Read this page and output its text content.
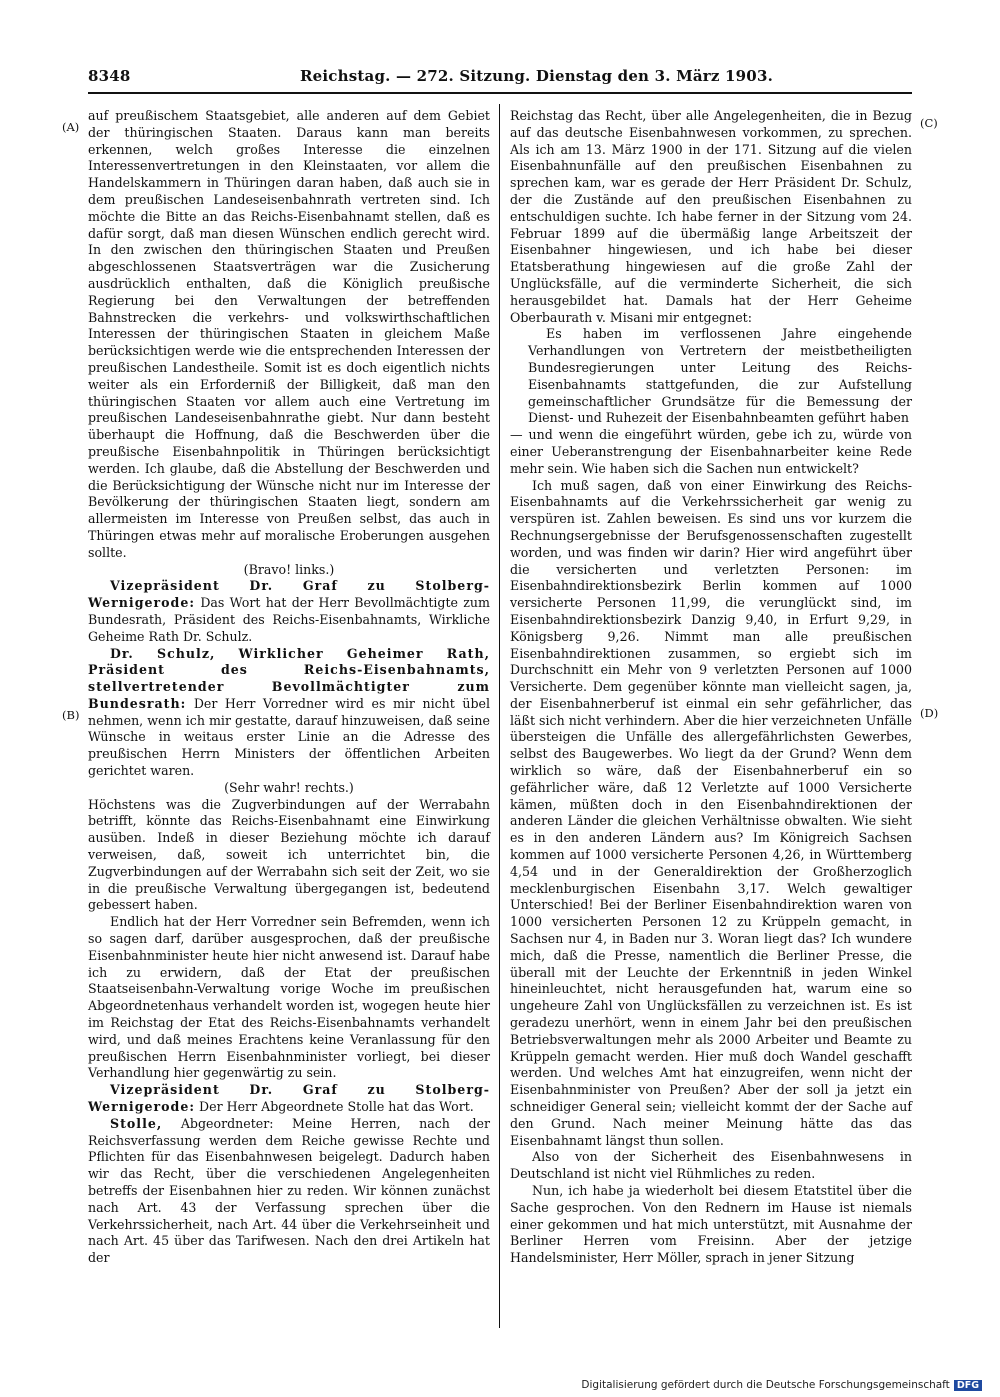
8348	Reichstag. — 272. Sitzung. Dienstag den 3. März 1903.
(A)
(B)
(C)
(D)

auf preußischem Staatsgebiet, alle anderen auf dem Gebiet der thüringischen Staaten. Daraus kann man bereits erkennen, welch großes Interesse die einzelnen Interessenvertretungen in den Kleinstaaten, vor allem die Handelskammern in Thüringen daran haben, daß auch sie in dem preußischen Landeseisenbahnrath vertreten sind. Ich möchte die Bitte an das Reichs-Eisenbahnamt stellen, daß es dafür sorgt, daß man diesen Wünschen endlich gerecht wird. In den zwischen den thüringischen Staaten und Preußen abgeschlossenen Staatsverträgen war die Zusicherung ausdrücklich enthalten, daß die Königlich preußische Regierung bei den Verwaltungen der betreffenden Bahnstrecken die verkehrs- und volkswirthschaftlichen Interessen der thüringischen Staaten in gleichem Maße berücksichtigen werde wie die entsprechenden Interessen der preußischen Landestheile. Somit ist es doch eigentlich nichts weiter als ein Erforderniß der Billigkeit, daß man den thüringischen Staaten vor allem auch eine Vertretung im preußischen Landeseisenbahnrathe giebt. Nur dann besteht überhaupt die Hoffnung, daß die Beschwerden über die preußische Eisenbahnpolitik in Thüringen berücksichtigt werden. Ich glaube, daß die Abstellung der Beschwerden und die Berücksichtigung der Wünsche nicht nur im Interesse der Bevölkerung der thüringischen Staaten liegt, sondern am allermeisten im Interesse von Preußen selbst, das auch in Thüringen etwas mehr auf moralische Eroberungen ausgehen sollte.

(Bravo! links.)

Vizepräsident Dr. Graf zu Stolberg-Wernigerode: Das Wort hat der Herr Bevollmächtigte zum Bundesrath, Präsident des Reichs-Eisenbahnamts, Wirkliche Geheime Rath Dr. Schulz.

Dr. Schulz, Wirklicher Geheimer Rath, Präsident des Reichs-Eisenbahnamts, stellvertretender Bevollmächtigter zum Bundesrath: Der Herr Vorredner wird es mir nicht übel nehmen, wenn ich mir gestatte, darauf hinzuweisen, daß seine Wünsche in weitaus erster Linie an die Adresse des preußischen Herrn Ministers der öffentlichen Arbeiten gerichtet waren.

(Sehr wahr! rechts.)

Höchstens was die Zugverbindungen auf der Werrabahn betrifft, könnte das Reichs-Eisenbahnamt eine Einwirkung ausüben. Indeß in dieser Beziehung möchte ich darauf verweisen, daß, soweit ich unterrichtet bin, die Zugverbindungen auf der Werrabahn sich seit der Zeit, wo sie in die preußische Verwaltung übergegangen ist, bedeutend gebessert haben.

Endlich hat der Herr Vorredner sein Befremden, wenn ich so sagen darf, darüber ausgesprochen, daß der preußische Eisenbahnminister heute hier nicht anwesend ist. Darauf habe ich zu erwidern, daß der Etat der preußischen Staatseisenbahn-Verwaltung vorige Woche im preußischen Abgeordnetenhaus verhandelt worden ist, wogegen heute hier im Reichstag der Etat des Reichs-Eisenbahnamts verhandelt wird, und daß meines Erachtens keine Veranlassung für den preußischen Herrn Eisenbahnminister vorliegt, bei dieser Verhandlung hier gegenwärtig zu sein.

Vizepräsident Dr. Graf zu Stolberg-Wernigerode: Der Herr Abgeordnete Stolle hat das Wort.

Stolle, Abgeordneter: Meine Herren, nach der Reichsverfassung werden dem Reiche gewisse Rechte und Pflichten für das Eisenbahnwesen beigelegt. Dadurch haben wir das Recht, über die verschiedenen Angelegenheiten betreffs der Eisenbahnen hier zu reden. Wir können zunächst nach Art. 43 der Verfassung sprechen über die Verkehrssicherheit, nach Art. 44 über die Verkehrseinheit und nach Art. 45 über das Tarifwesen. Nach den drei Artikeln hat der

Reichstag das Recht, über alle Angelegenheiten, die in Bezug auf das deutsche Eisenbahnwesen vorkommen, zu sprechen. Als ich am 13. März 1900 in der 171. Sitzung auf die vielen Eisenbahnunfälle auf den preußischen Eisenbahnen zu sprechen kam, war es gerade der Herr Präsident Dr. Schulz, der die Zustände auf den preußischen Eisenbahnen zu entschuldigen suchte. Ich habe ferner in der Sitzung vom 24. Februar 1899 auf die übermäßig lange Arbeitszeit der Eisenbahner hingewiesen, und ich habe bei dieser Etatsberathung hingewiesen auf die große Zahl der Unglücksfälle, auf die verminderte Sicherheit, die sich herausgebildet hat. Damals hat der Herr Geheime Oberbaurath v. Misani mir entgegnet:

Es haben im verflossenen Jahre eingehende Verhandlungen von Vertretern der meistbetheiligten Bundesregierungen unter Leitung des Reichs-Eisenbahnamts stattgefunden, die zur Aufstellung gemeinschaftlicher Grundsätze für die Bemessung der Dienst- und Ruhezeit der Eisenbahnbeamten geführt haben

— und wenn die eingeführt würden, gebe ich zu, würde von einer Ueberanstrengung der Eisenbahnarbeiter keine Rede mehr sein. Wie haben sich die Sachen nun entwickelt?

Ich muß sagen, daß von einer Einwirkung des Reichs-Eisenbahnamts auf die Verkehrssicherheit gar wenig zu verspüren ist. Zahlen beweisen. Es sind uns vor kurzem die Rechnungsergebnisse der Berufsgenossenschaften zugestellt worden, und was finden wir darin? Hier wird angeführt über die versicherten und verletzten Personen: im Eisenbahndirektionsbezirk Berlin kommen auf 1000 versicherte Personen 11,99, die verunglückt sind, im Eisenbahndirektionsbezirk Danzig 9,40, in Erfurt 9,29, in Königsberg 9,26. Nimmt man alle preußischen Eisenbahndirektionen zusammen, so ergiebt sich im Durchschnitt ein Mehr von 9 verletzten Personen auf 1000 Versicherte. Dem gegenüber könnte man vielleicht sagen, ja, der Eisenbahnerberuf ist einmal ein sehr gefährlicher, das läßt sich nicht verhindern. Aber die hier verzeichneten Unfälle übersteigen die Unfälle des allergefährlichsten Gewerbes, selbst des Baugewerbes. Wo liegt da der Grund? Wenn dem wirklich so wäre, daß der Eisenbahnerberuf ein so gefährlicher wäre, daß 12 Verletzte auf 1000 Versicherte kämen, müßten doch in den Eisenbahndirektionen der anderen Länder die gleichen Verhältnisse obwalten. Wie sieht es in den anderen Ländern aus? Im Königreich Sachsen kommen auf 1000 versicherte Personen 4,26, in Württemberg 4,54 und in der Generaldirektion der Großherzoglich mecklenburgischen Eisenbahn 3,17. Welch gewaltiger Unterschied! Bei der Berliner Eisenbahndirektion waren von 1000 versicherten Personen 12 zu Krüppeln gemacht, in Sachsen nur 4, in Baden nur 3. Woran liegt das? Ich wundere mich, daß die Presse, namentlich die Berliner Presse, die überall mit der Leuchte der Erkenntniß in jeden Winkel hineinleuchtet, nicht herausgefunden hat, warum eine so ungeheure Zahl von Unglücksfällen zu verzeichnen ist. Es ist geradezu unerhört, wenn in einem Jahr bei den preußischen Betriebsverwaltungen mehr als 2000 Arbeiter und Beamte zu Krüppeln gemacht werden. Hier muß doch Wandel geschafft werden. Und welches Amt hat einzugreifen, wenn nicht der Eisenbahnminister von Preußen? Aber der soll ja jetzt ein schneidiger General sein; vielleicht kommt der der Sache auf den Grund. Nach meiner Meinung hätte das das Eisenbahnamt längst thun sollen.

Also von der Sicherheit des Eisenbahnwesens in Deutschland ist nicht viel Rühmliches zu reden.

Nun, ich habe ja wiederholt bei diesem Etatstitel über die Sache gesprochen. Von den Rednern im Hause ist niemals einer gekommen und hat mich unterstützt, mit Ausnahme der Berliner Herren vom Freisinn. Aber der jetzige Handelsminister, Herr Möller, sprach in jener Sitzung

Digitalisierung gefördert durch die Deutsche Forschungsgemeinschaft DFG
